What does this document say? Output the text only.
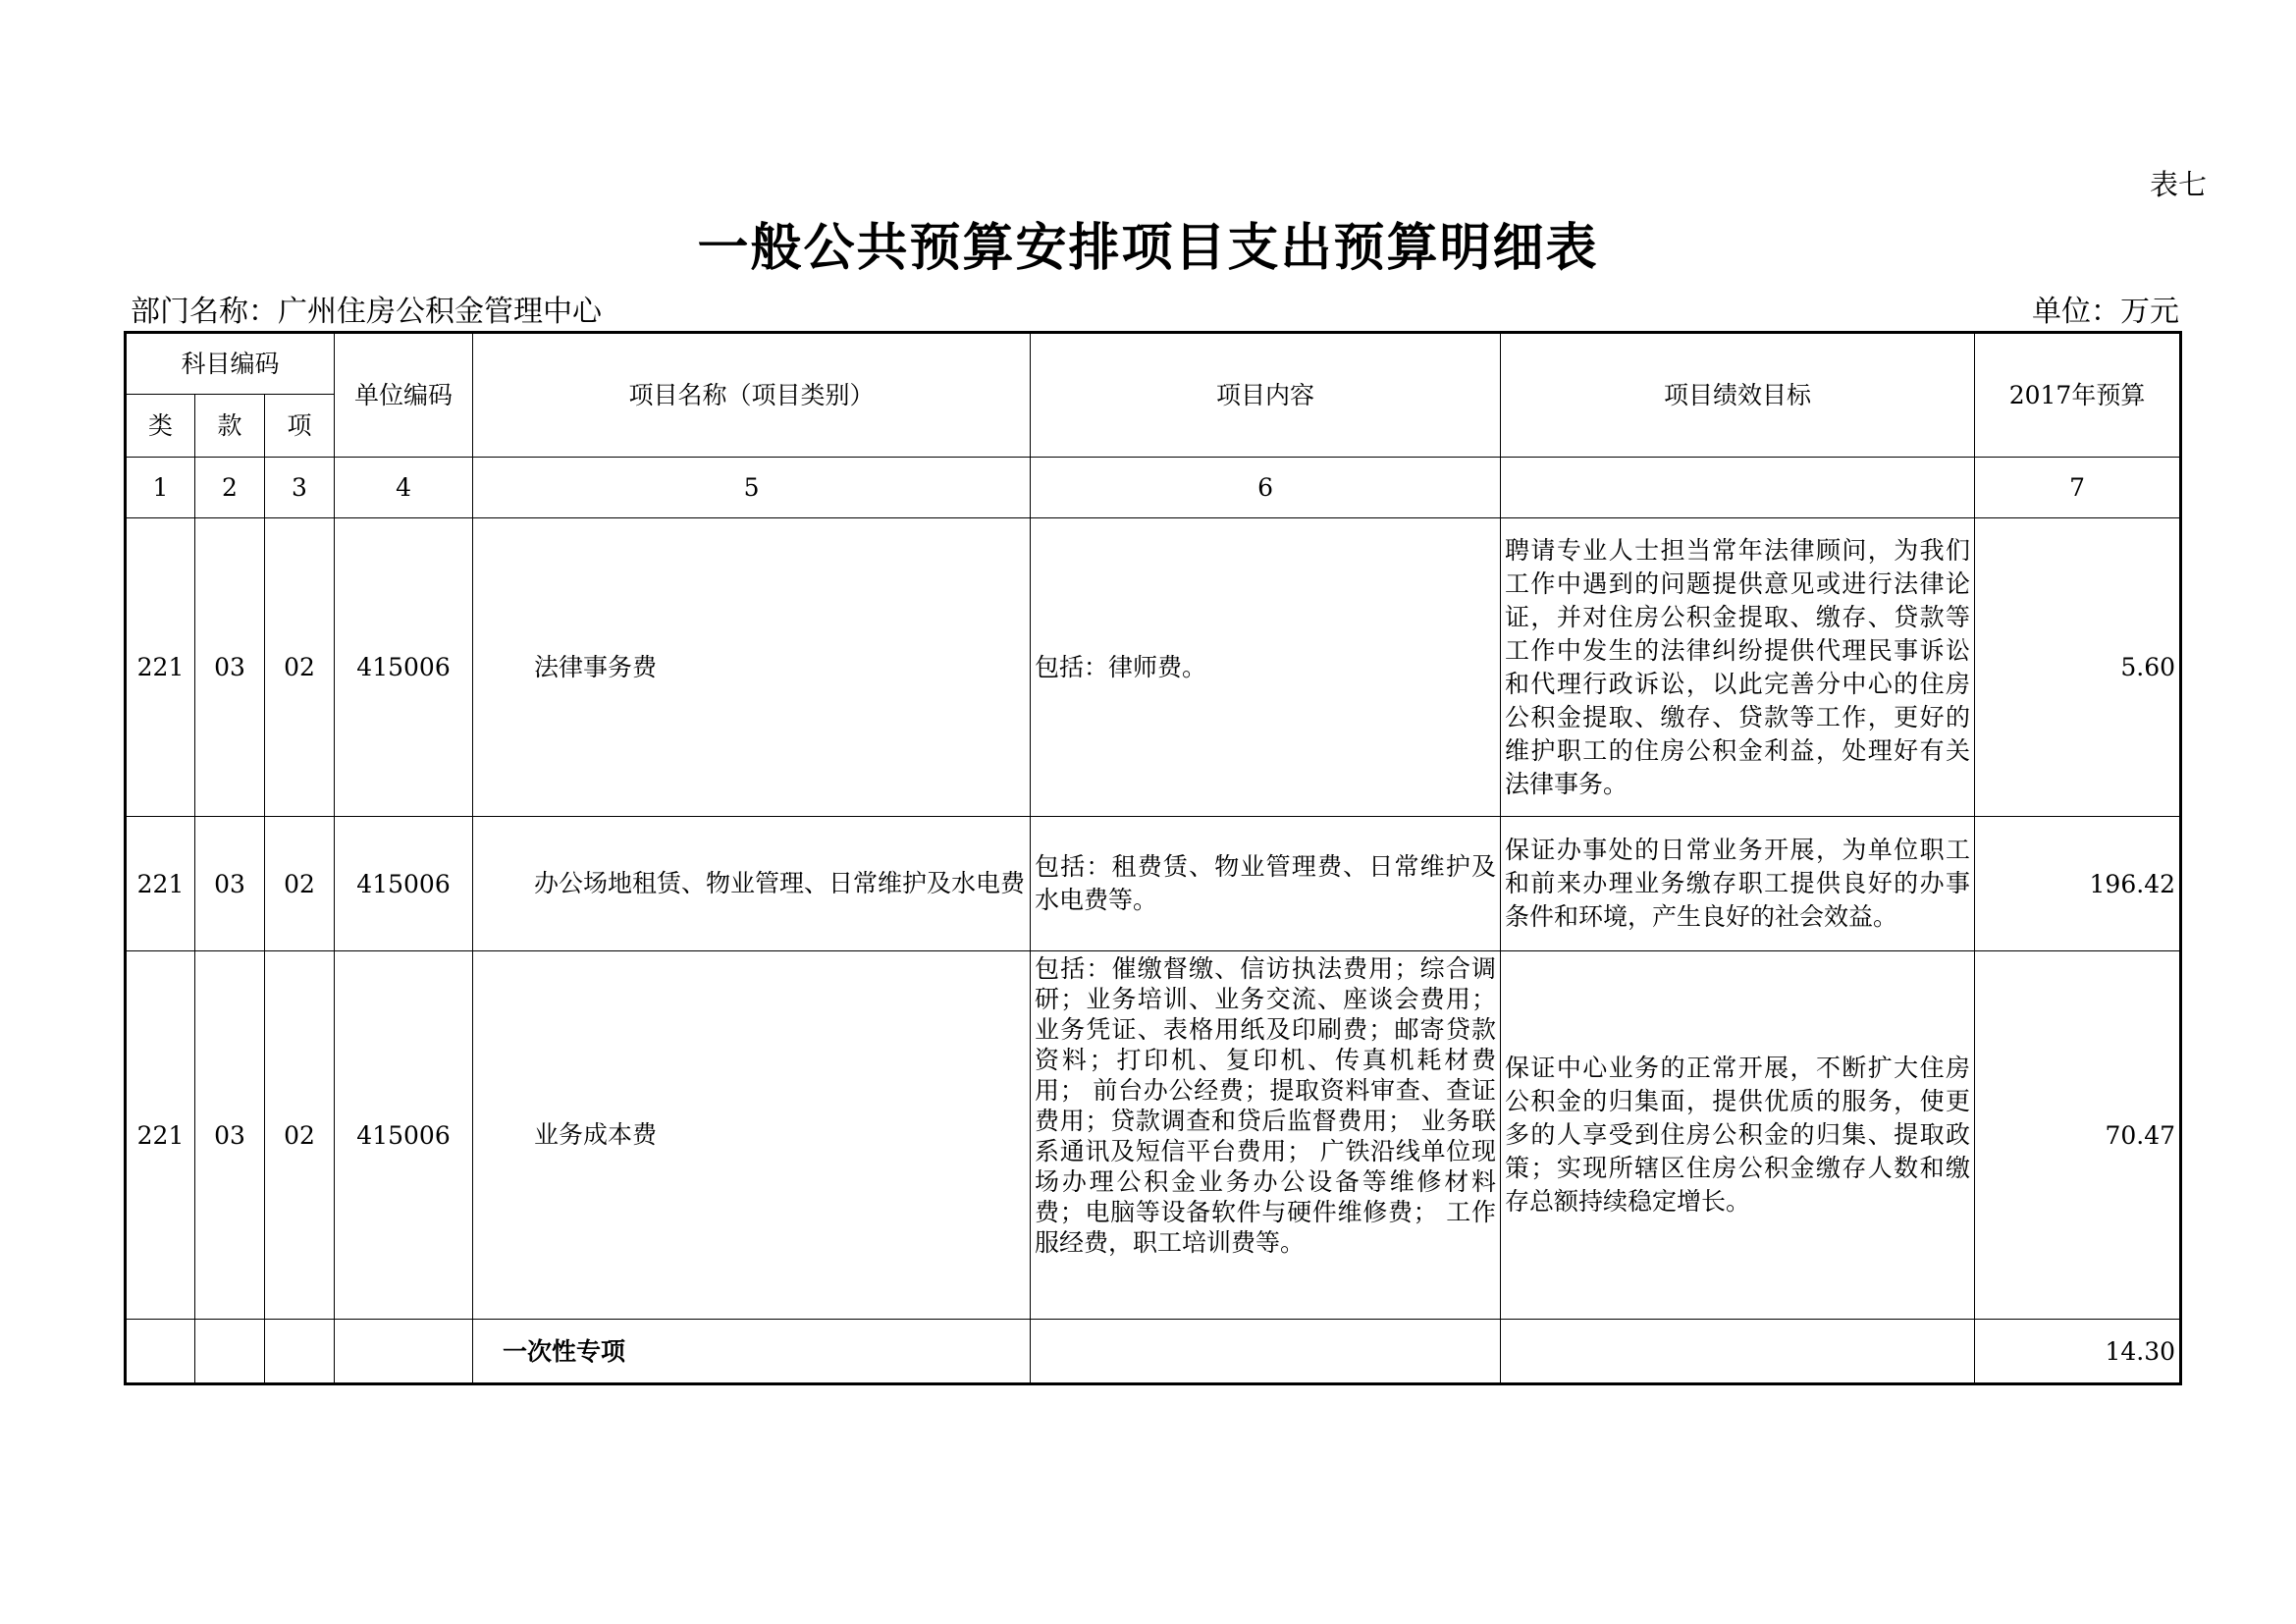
表七
一般公共预算安排项目支出预算明细表
部门名称：广州住房公积金管理中心	单位：万元
科目编码			单位编码	项目名称（项目类别）	项目内容	项目绩效目标	2017年预算
类	款	项					
1	2	3	4	5	6		7
221	03	02	415006	法律事务费	包括：律师费。	聘请专业人士担当常年法律顾问，为我们工作中遇到的问题提供意见或进行法律论证，并对住房公积金提取、缴存、贷款等工作中发生的法律纠纷提供代理民事诉讼和代理行政诉讼，以此完善分中心的住房公积金提取、缴存、贷款等工作，更好的维护职工的住房公积金利益，处理好有关法律事务。	5.60
221	03	02	415006	办公场地租赁、物业管理、日常维护及水电费	包括：租费赁、物业管理费、日常维护及水电费等。	保证办事处的日常业务开展，为单位职工和前来办理业务缴存职工提供良好的办事条件和环境，产生良好的社会效益。	196.42
221	03	02	415006	业务成本费	包括：催缴督缴、信访执法费用；综合调研；业务培训、业务交流、座谈会费用；业务凭证、表格用纸及印刷费；邮寄贷款资料；打印机、复印机、传真机耗材费用； 前台办公经费；提取资料审查、查证费用；贷款调查和贷后监督费用； 业务联系通讯及短信平台费用； 广铁沿线单位现场办理公积金业务办公设备等维修材料费；电脑等设备软件与硬件维修费； 工作服经费，职工培训费等。	保证中心业务的正常开展，不断扩大住房公积金的归集面，提供优质的服务，使更多的人享受到住房公积金的归集、提取政策；实现所辖区住房公积金缴存人数和缴存总额持续稳定增长。	70.47
				一次性专项			14.30
